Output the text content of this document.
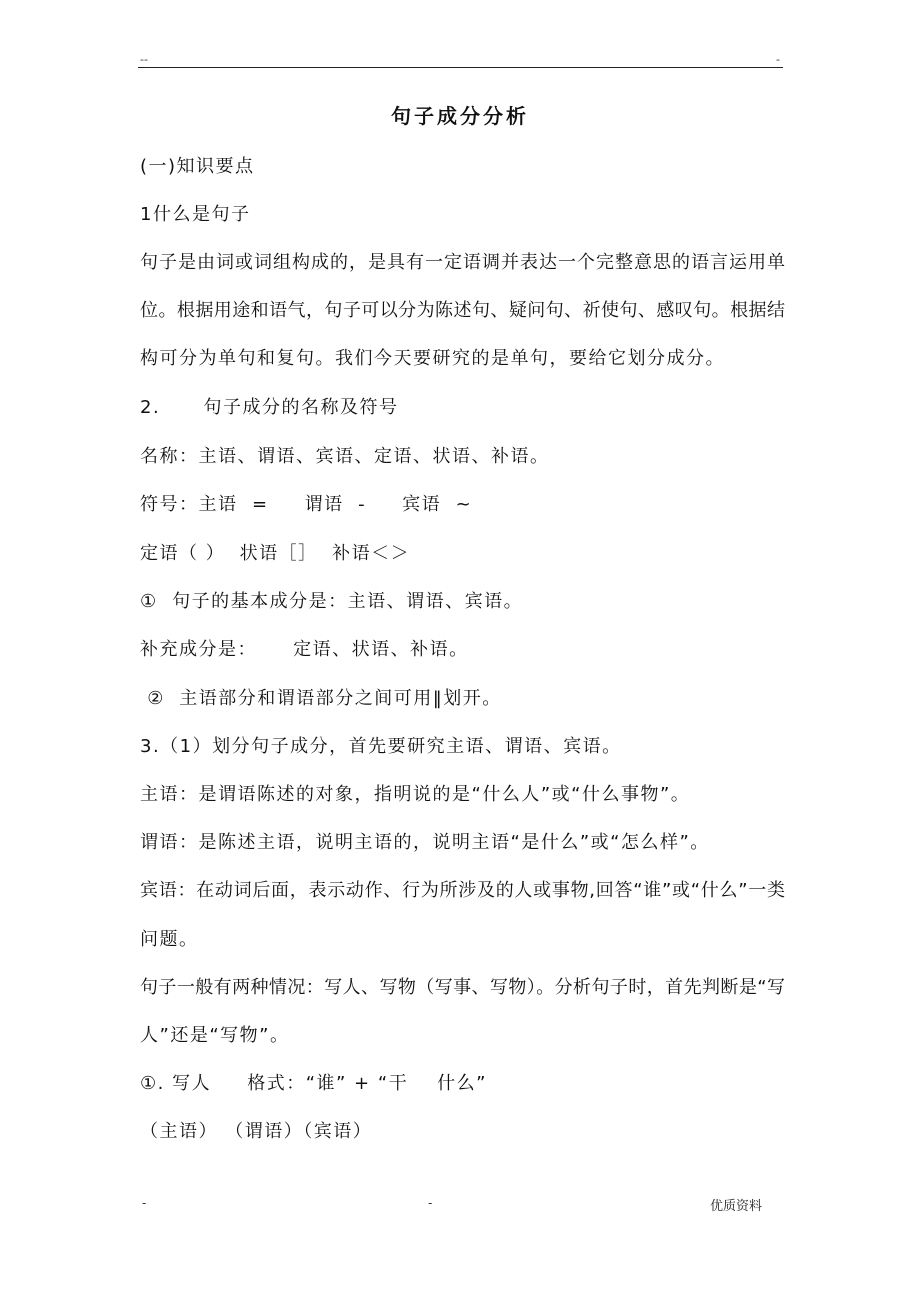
--	-
句子成分分析
(一)知识要点
1什么是句子
句子是由词或词组构成的，是具有一定语调并表达一个完整意思的语言运用单
位。根据用途和语气，句子可以分为陈述句、疑问句、祈使句、感叹句。根据结
构可分为单句和复句。我们今天要研究的是单句，要给它划分成分。
2.      句子成分的名称及符号
名称：主语、谓语、宾语、定语、状语、补语。
符号：主语  =     谓语  -     宾语  ~
定语（ ）  状语［］  补语＜＞
①  句子的基本成分是：主语、谓语、宾语。
补充成分是：     定语、状语、补语。
②  主语部分和谓语部分之间可用‖划开。
3.（1）划分句子成分，首先要研究主语、谓语、宾语。
主语：是谓语陈述的对象，指明说的是“什么人”或“什么事物”。
谓语：是陈述主语，说明主语的，说明主语“是什么”或“怎么样”。
宾语：在动词后面，表示动作、行为所涉及的人或事物,回答“谁”或“什么”一类
问题。
句子一般有两种情况：写人、写物（写事、写物）。分析句子时，首先判断是“写
人”还是“写物”。
①. 写人     格式：“谁” + “干    什么”
（主语） （谓语）（宾语）
-	-	优质资料
